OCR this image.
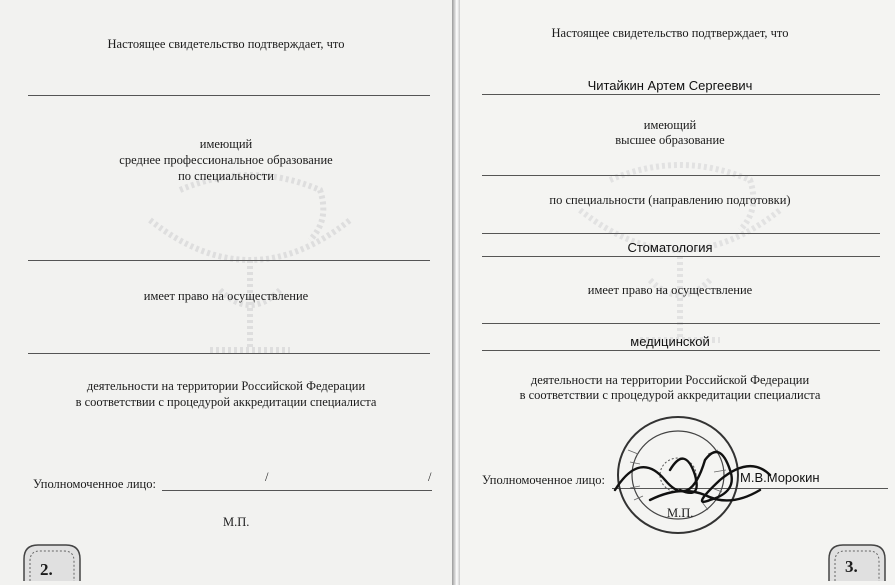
Настоящее свидетельство подтверждает, что
имеющий
среднее профессиональное образование
по специальности
имеет право на осуществление
деятельности на территории Российской Федерации
в соответствии с процедурой аккредитации специалиста
Уполномоченное лицо:	/	/
М.П.
2.
Настоящее свидетельство подтверждает, что
Читайкин Артем Сергеевич
имеющий
высшее образование
по специальности (направлению подготовки)
Стоматология
имеет право на осуществление
медицинской
деятельности на территории Российской Федерации
в соответствии с процедурой аккредитации специалиста
Уполномоченное лицо:	М.В.Морокин
М.П.
3.
